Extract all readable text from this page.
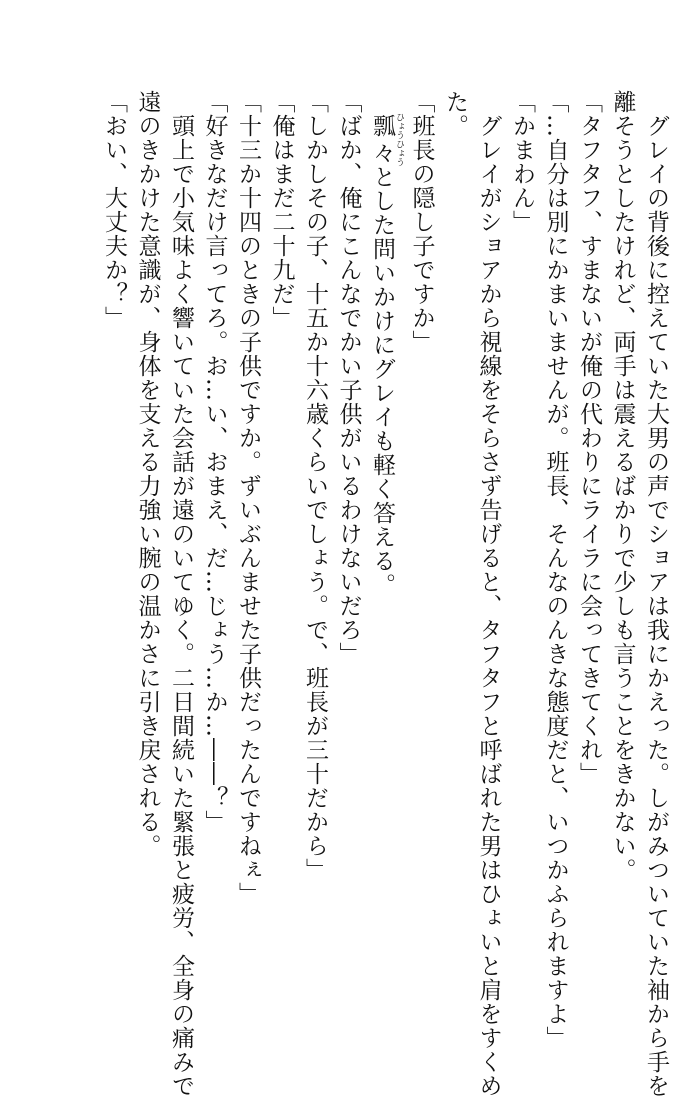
　グレイの背後に控えていた大男の声でショアは我にかえった。しがみついていた袖から手を
離そうとしたけれど、両手は震えるばかりで少しも言うことをきかない。
「タフタフ、すまないが俺の代わりにライラに会ってきてくれ」
「…自分は別にかまいませんが。班長、そんなのんきな態度だと、いつかふられますよ」
「かまわん」
　グレイがショアから視線をそらさず告げると、タフタフと呼ばれた男はひょいと肩をすくめ
た。
「班長の隠し子ですか」
　瓢々 ひょうひょうとした問いかけにグレイも軽く答える。
「ばか、俺にこんなでかい子供がいるわけないだろ」
「しかしその子、十五か十六歳くらいでしょう。で、班長が三十だから」
「俺はまだ二十九だ」
「十三か十四のときの子供ですか。ずいぶんませた子供だったんですねぇ」
「好きなだけ言ってろ。お…い、おまえ、だ…じょう…か…――？」
　頭上で小気味よく響いていた会話が遠のいてゆく。二日間続いた緊張と疲労、全身の痛みで
遠のきかけた意識が、身体を支える力強い腕の温かさに引き戻される。
「おい、大丈夫か？」
